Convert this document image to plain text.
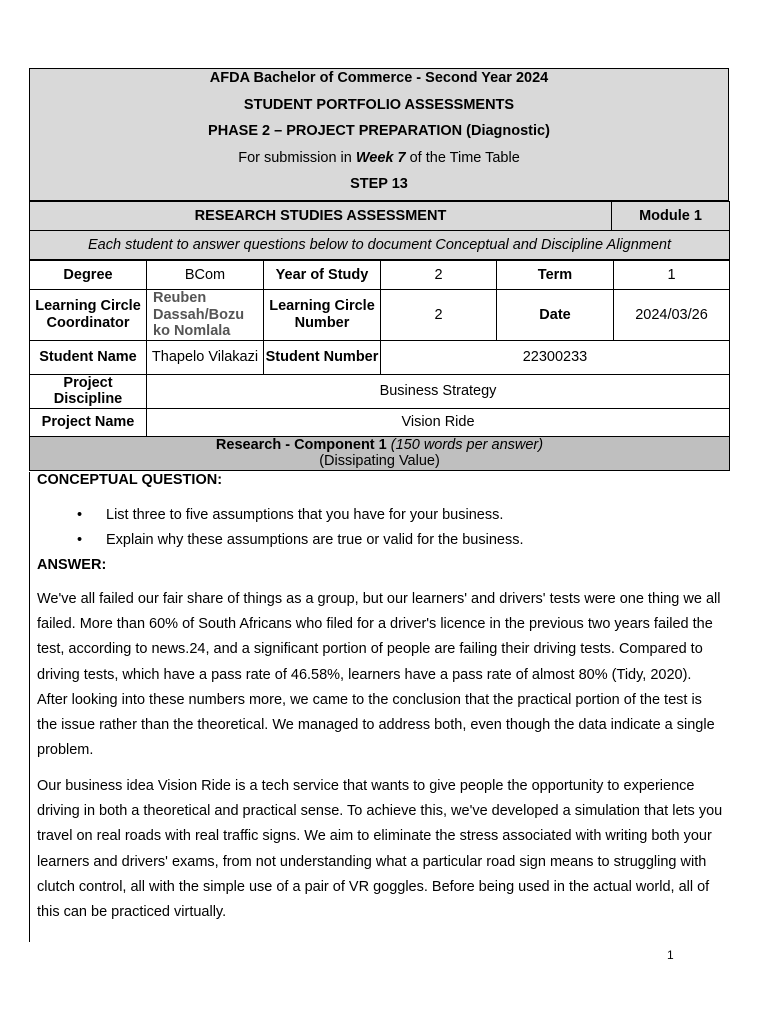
AFDA Bachelor of Commerce - Second Year 2024
STUDENT PORTFOLIO ASSESSMENTS
PHASE 2 – PROJECT PREPARATION (Diagnostic)
For submission in Week 7 of the Time Table
STEP 13
RESEARCH STUDIES ASSESSMENT	Module 1
Each student to answer questions below to document Conceptual and Discipline Alignment
Degree	BCom	Year of Study	2	Term	1
Learning Circle Coordinator	Reuben Dassah/Bozu ko Nomlala	Learning Circle Number	2	Date	2024/03/26
Student Name	Thapelo Vilakazi	Student Number	22300233		
Project Discipline	Business Strategy				
Project Name	Vision Ride				
Research - Component 1 (150 words per answer)
(Dissipating Value)					
CONCEPTUAL QUESTION:
• List three to five assumptions that you have for your business.
• Explain why these assumptions are true or valid for the business.
ANSWER:
We've all failed our fair share of things as a group, but our learners' and drivers' tests were one thing we all failed. More than 60% of South Africans who filed for a driver's licence in the previous two years failed the test, according to news.24, and a significant portion of people are failing their driving tests. Compared to driving tests, which have a pass rate of 46.58%, learners have a pass rate of almost 80% (Tidy, 2020). After looking into these numbers more, we came to the conclusion that the practical portion of the test is the issue rather than the theoretical. We managed to address both, even though the data indicate a single problem.
Our business idea Vision Ride is a tech service that wants to give people the opportunity to experience driving in both a theoretical and practical sense. To achieve this, we've developed a simulation that lets you travel on real roads with real traffic signs. We aim to eliminate the stress associated with writing both your learners and drivers' exams, from not understanding what a particular road sign means to struggling with clutch control, all with the simple use of a pair of VR goggles. Before being used in the actual world, all of this can be practiced virtually.
1
